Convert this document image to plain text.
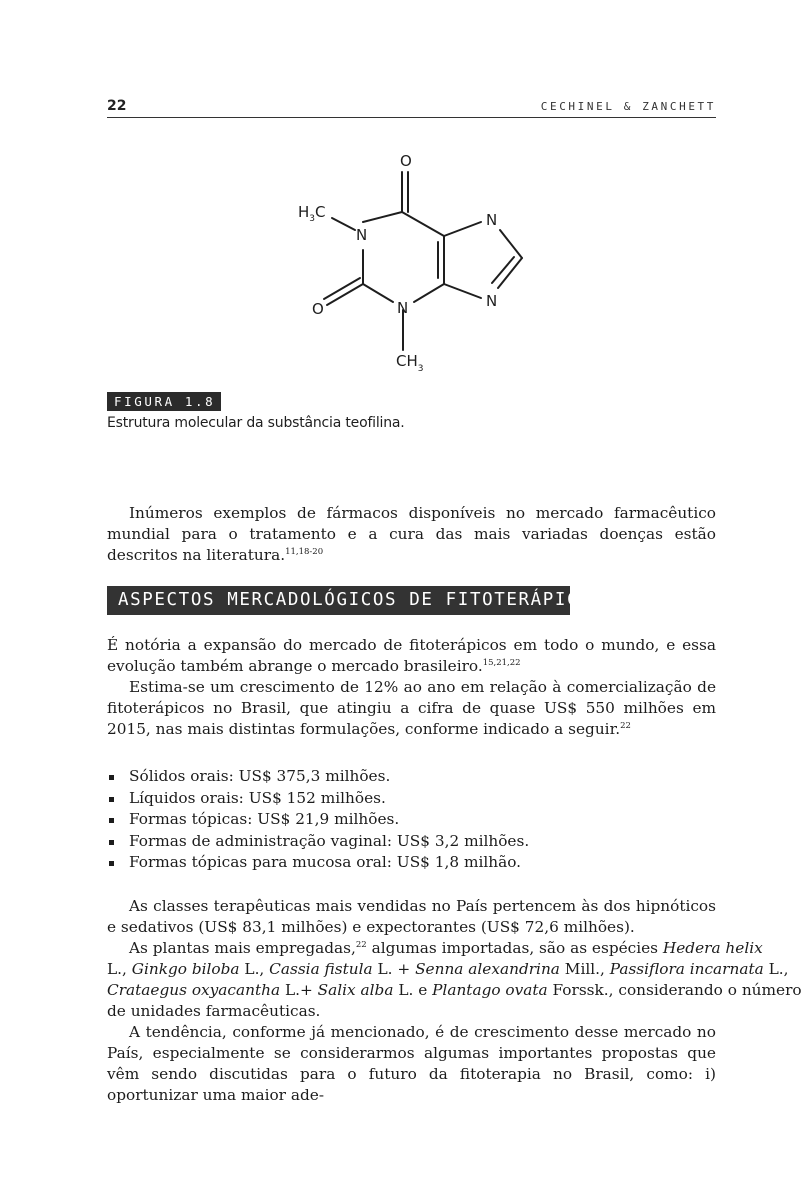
22	CECHINEL & ZANCHETT
O
N
N
N
N
O
$H_3C$
$CH_3$
FIGURA 1.8
Estrutura molecular da substância teofilina.

Inúmeros exemplos de fármacos disponíveis no mercado farmacêutico mundial para o tratamento e a cura das mais variadas doenças estão descritos na literatura.$^{11,18-20}$

ASPECTOS MERCADOLÓGICOS DE FITOTERÁPICOS

É notória a expansão do mercado de fitoterápicos em todo o mundo, e essa evolução também abrange o mercado brasileiro.$^{15,21,22}$

Estima-se um crescimento de 12% ao ano em relação à comercialização de fitoterápicos no Brasil, que atingiu a cifra de quase US$ 550 milhões em 2015, nas mais distintas formulações, conforme indicado a seguir.$^{22}$

Sólidos orais: US$ 375,3 milhões.
Líquidos orais: US$ 152 milhões.
Formas tópicas: US$ 21,9 milhões.
Formas de administração vaginal: US$ 3,2 milhões.
Formas tópicas para mucosa oral: US$ 1,8 milhão.

As classes terapêuticas mais vendidas no País pertencem às dos hipnóticos e sedativos (US$ 83,1 milhões) e expectorantes (US$ 72,6 milhões).

As plantas mais empregadas,$^{22}$ algumas importadas, são as espécies Hedera helix
L., Ginkgo biloba L., Cassia fistula L. + Senna alexandrina Mill., Passiflora incarnata L.,
Crataegus oxyacantha L.+ Salix alba L. e Plantago ovata Forssk., considerando o número
de unidades farmacêuticas.

A tendência, conforme já mencionado, é de crescimento desse mercado no País, especialmente se considerarmos algumas importantes propostas que vêm sendo discutidas para o futuro da fitoterapia no Brasil, como: i) oportunizar uma maior ade-
